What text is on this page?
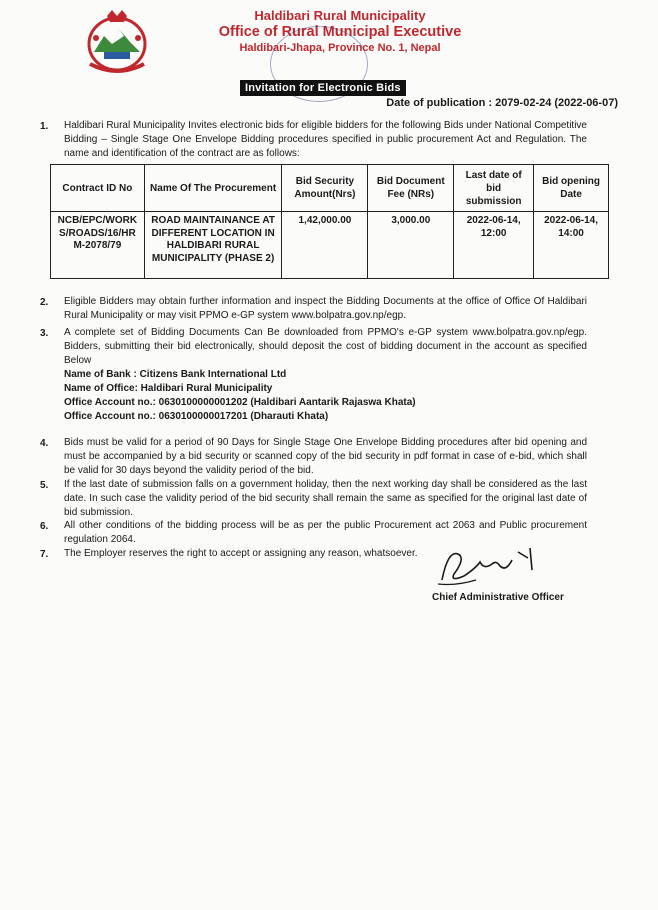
Haldibari Rural Municipality
Office of Rural Municipal Executive
Haldibari-Jhapa, Province No. 1, Nepal
Invitation for Electronic Bids
Date of publication : 2079-02-24 (2022-06-07)
1. Haldibari Rural Municipality Invites electronic bids for eligible bidders for the following Bids under National Competitive Bidding – Single Stage One Envelope Bidding procedures specified in public procurement Act and Regulation. The name and identification of the contract are as follows:
Contract ID No	Name Of The Procurement	Bid Security Amount(Nrs)	Bid Document Fee (NRs)	Last date of bid submission	Bid opening Date
NCB/EPC/WORKS/ROADS/16/HRM-2078/79	ROAD MAINTAINANCE AT DIFFERENT LOCATION IN HALDIBARI RURAL MUNICIPALITY (PHASE 2)	1,42,000.00	3,000.00	2022-06-14, 12:00	2022-06-14, 14:00
2. Eligible Bidders may obtain further information and inspect the Bidding Documents at the office of Office Of Haldibari Rural Municipality or may visit PPMO e-GP system www.bolpatra.gov.np/egp.
3. A complete set of Bidding Documents Can Be downloaded from PPMO's e-GP system www.bolpatra.gov.np/egp. Bidders, submitting their bid electronically, should deposit the cost of bidding document in the account as specified Below
Name of Bank : Citizens Bank International Ltd
Name of Office: Haldibari Rural Municipality
Office Account no.: 0630100000001202 (Haldibari Aantarik Rajaswa Khata)
Office Account no.: 0630100000017201 (Dharauti Khata)
4. Bids must be valid for a period of 90 Days for Single Stage One Envelope Bidding procedures after bid opening and must be accompanied by a bid security or scanned copy of the bid security in pdf format in case of e-bid, which shall be valid for 30 days beyond the validity period of the bid.
5. If the last date of submission falls on a government holiday, then the next working day shall be considered as the last date. In such case the validity period of the bid security shall remain the same as specified for the original last date of bid submission.
6. All other conditions of the bidding process will be as per the public Procurement act 2063 and Public procurement regulation 2064.
7. The Employer reserves the right to accept or assigning any reason, whatsoever.
Chief Administrative Officer
